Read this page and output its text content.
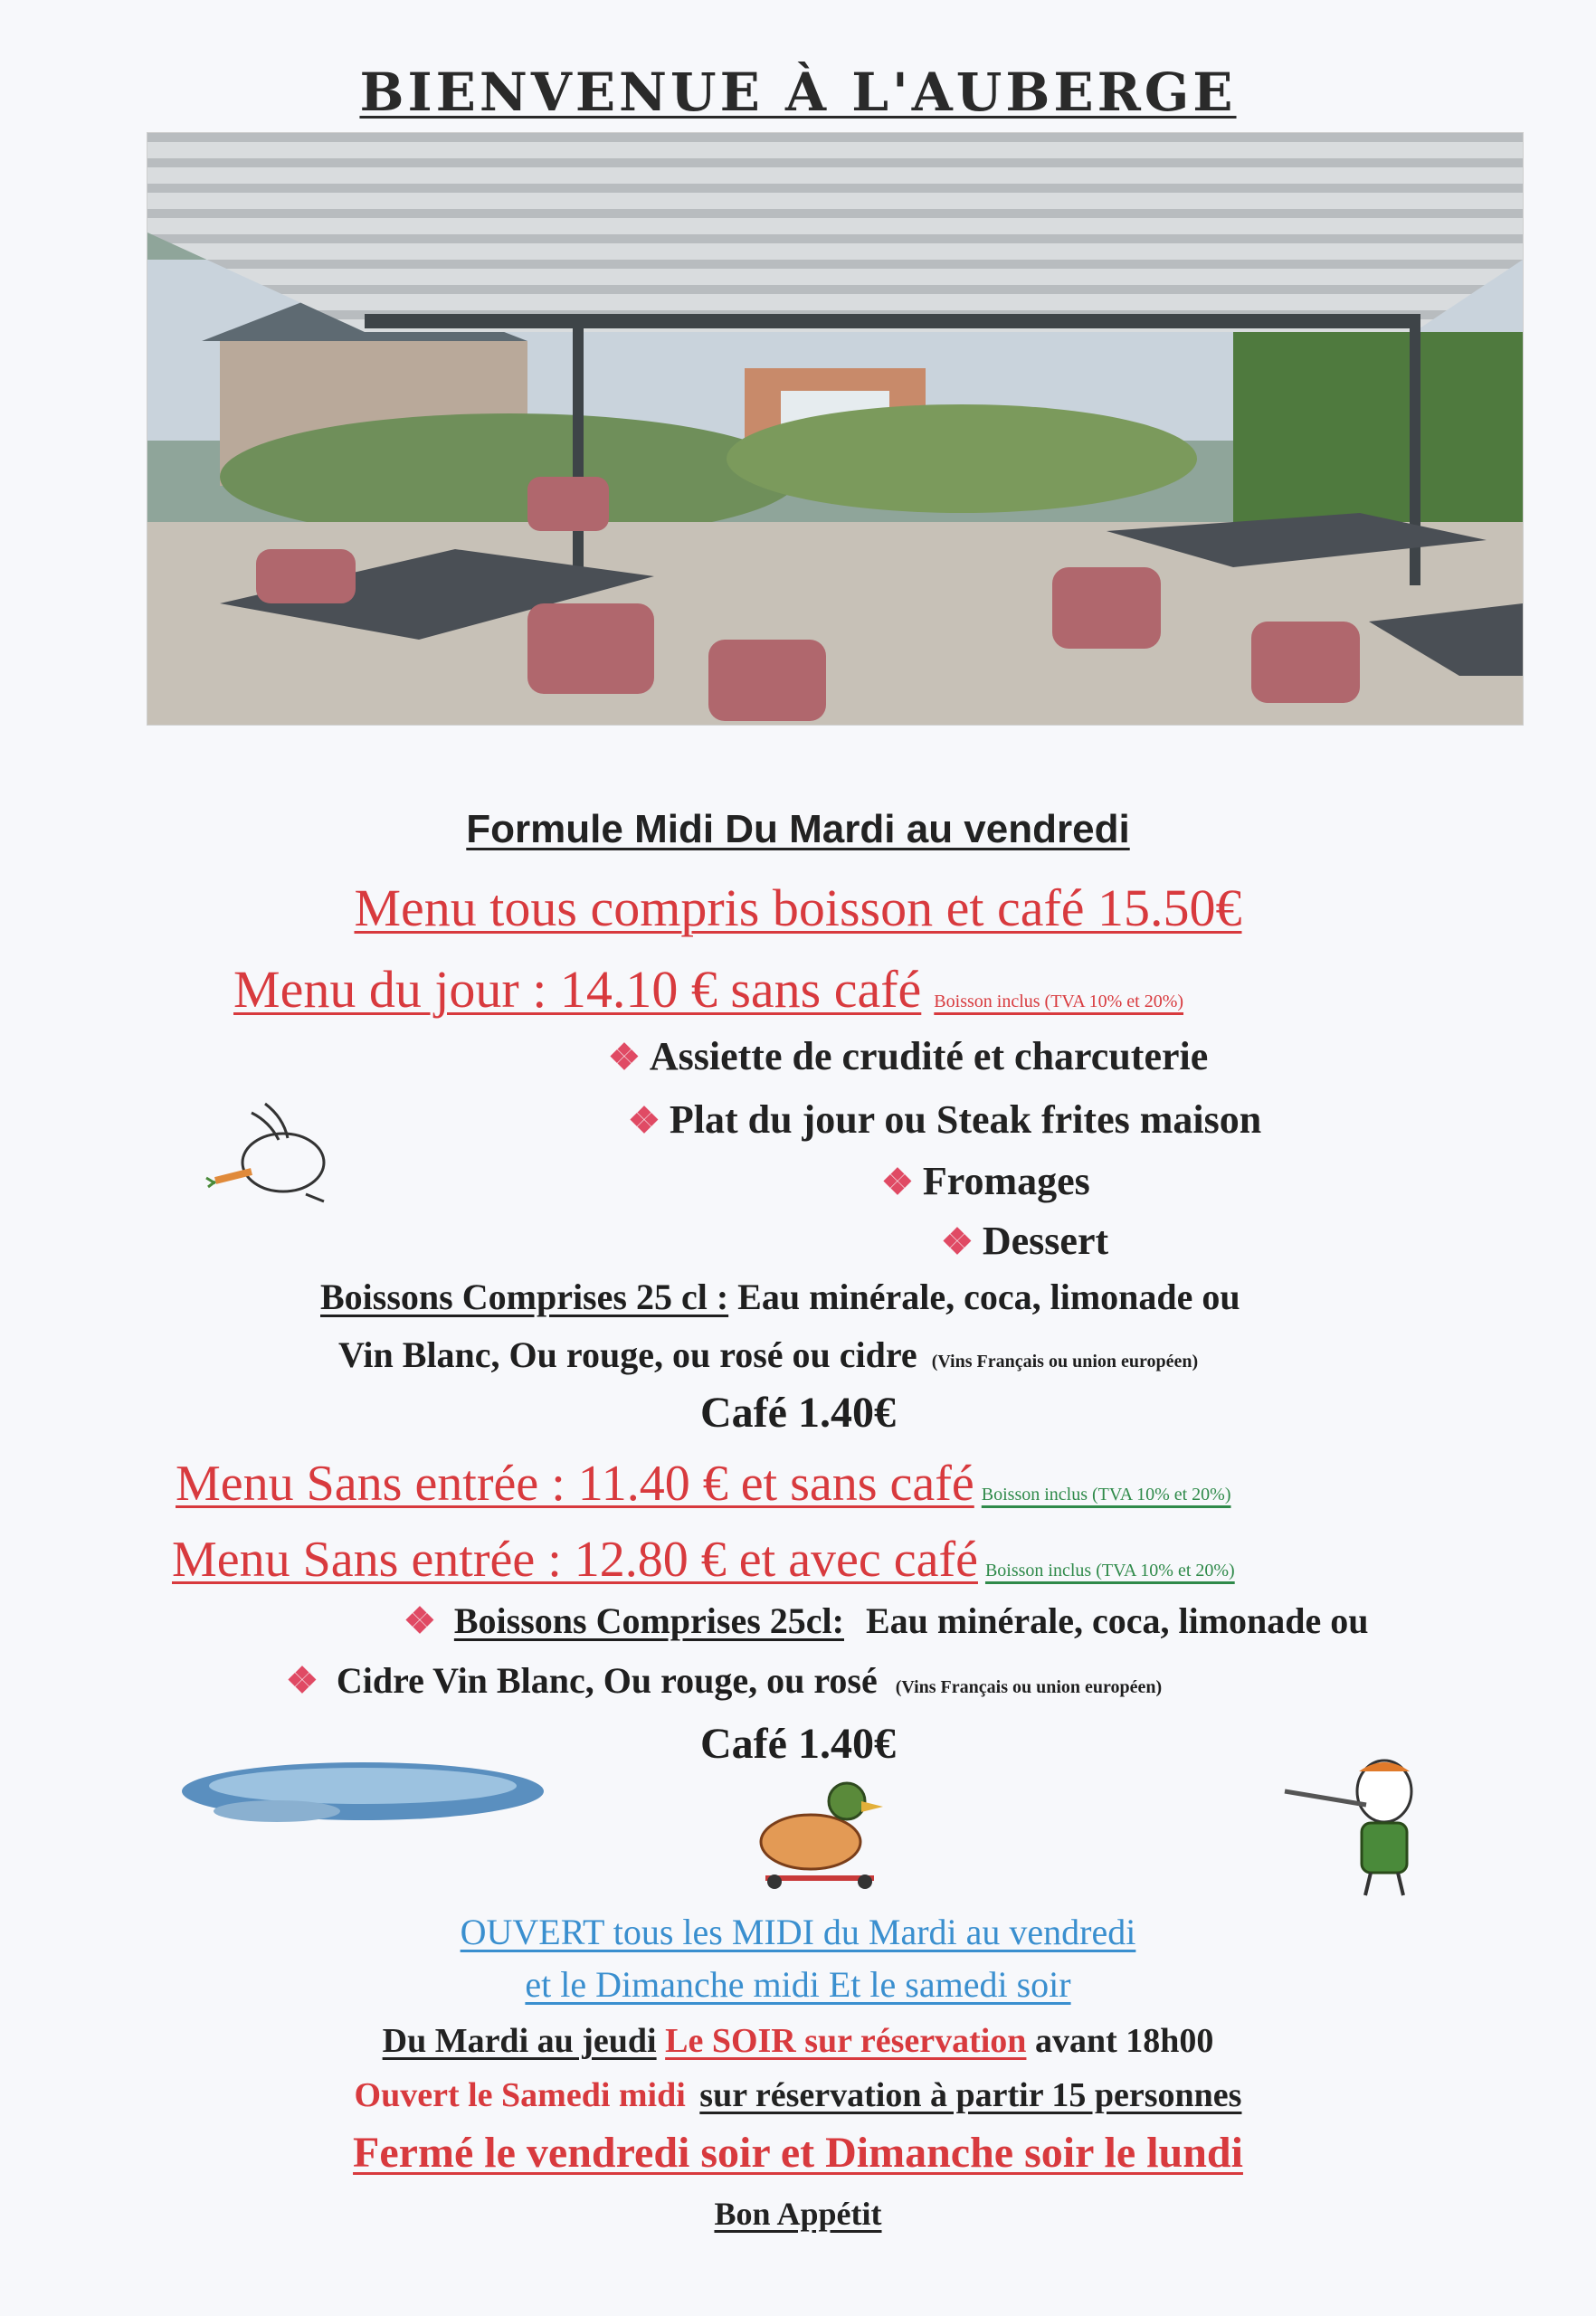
BIENVENUE À L'AUBERGE
Formule Midi Du Mardi au vendredi
Menu tous compris boisson et café 15.50€
Menu du jour : 14.10 € sans café Boisson inclus (TVA 10% et 20%)
❖ Assiette de crudité et charcuterie
❖ Plat du jour ou Steak frites maison
❖ Fromages
❖ Dessert
Boissons Comprises 25 cl : Eau minérale, coca, limonade ou
Vin Blanc, Ou rouge, ou rosé ou cidre (Vins Français ou union européen)
Café 1.40€
Menu Sans entrée : 11.40 € et sans café Boisson inclus (TVA 10% et 20%)
Menu Sans entrée : 12.80 € et avec café Boisson inclus (TVA 10% et 20%)
❖ Boissons Comprises 25cl: Eau minérale, coca, limonade ou
❖ Cidre Vin Blanc, Ou rouge, ou rosé (Vins Français ou union européen)
Café 1.40€
OUVERT tous les MIDI du Mardi au vendredi
et le Dimanche midi Et le samedi soir
Du Mardi au jeudi Le SOIR sur réservation avant 18h00
Ouvert le Samedi midi sur réservation à partir 15 personnes
Fermé le vendredi soir et Dimanche soir le lundi
Bon Appétit
